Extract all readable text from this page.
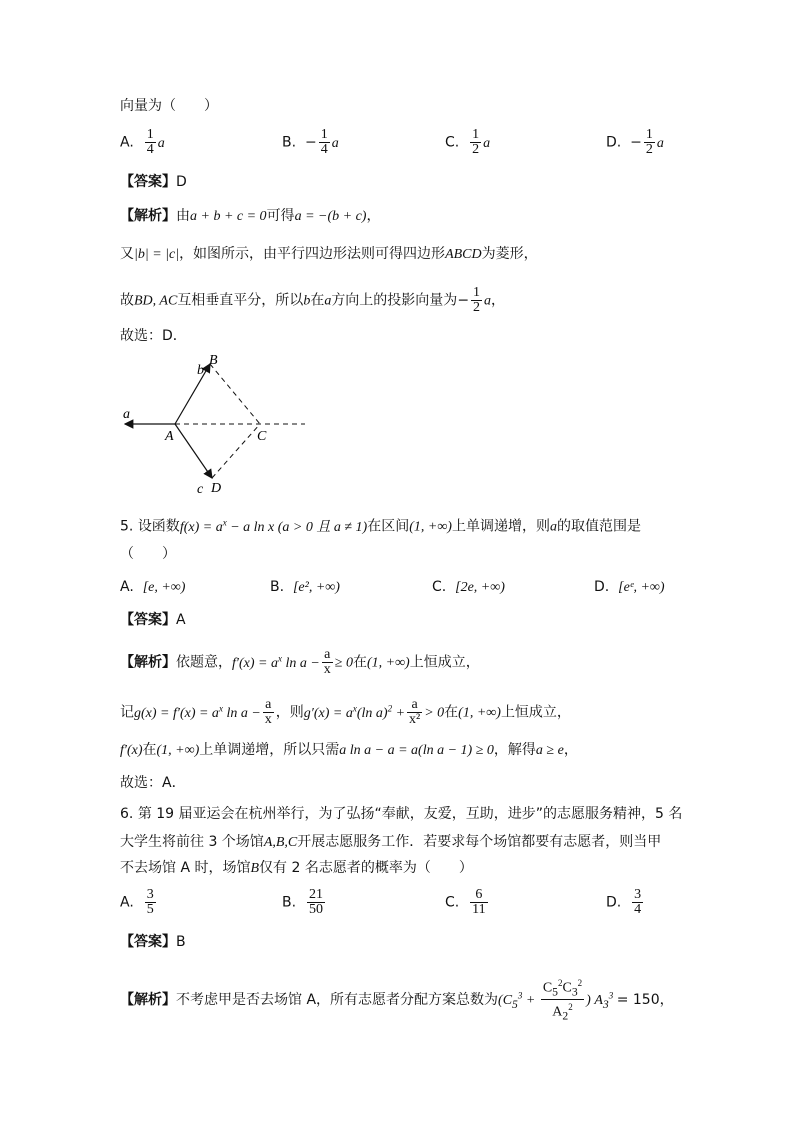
向量为（　　）
A. $\frac{1}{4}$ a	B. − $\frac{1}{4}$ a	C. $\frac{1}{2}$ a	D. − $\frac{1}{2}$ a
【答案】D
【解析】由a + b + c = 0可得a = −(b + c)，
又|b| = |c|，如图所示，由平行四边形法则可得四边形ABCD为菱形，
故BD, AC互相垂直平分，所以b在a方向上的投影向量为− $\frac{1}{2}$ a，
故选：D．
a
b
c
A
B
C
D
5. 设函数$f(x) = a^x - a$ ln x (a > 0 且 a ≠ 1)在区间(1, +∞)上单调递增，则a的取值范围是
（　　）
A. [e, +∞)	B. [e², +∞)	C. [2e, +∞)	D. [eᵉ, +∞)
【答案】A
【解析】依题意，$f'(x) = a^x$ $\ln a - \frac{a}{x} \ge 0$在(1, +∞)上恒成立，
记$g(x) = f'(x) = a^x$ $\ln a - \frac{a}{x}$ ，则$g'(x) = a^x(\ln$ $a)^2 + \frac{a}{\text{x²}} > 0$在(1, +∞)上恒成立，
f′(x)在(1, +∞)上单调递增，所以只需a ln a − a = a(ln a − 1) ≥ 0，解得a ≥ e，
故选：A．
6. 第 19 届亚运会在杭州举行，为了弘扬“奉献，友爱，互助，进步”的志愿服务精神，5 名
大学生将前往 3 个场馆A,B,C开展志愿服务工作．若要求每个场馆都要有志愿者，则当甲
不去场馆 A 时，场馆B仅有 2 名志愿者的概率为（　　）
A. $\frac{3}{5}$	B. $\frac{21}{50}$	C. $\frac{6}{11}$	D. $\frac{3}{4}$
【答案】B
【解析】不考虑甲是否去场馆 A，所有志愿者分配方案总数为($C_5^3 + \frac{C_5^2C_3^2}{A_2^2}$ ) $A_3^3 = 150$，
